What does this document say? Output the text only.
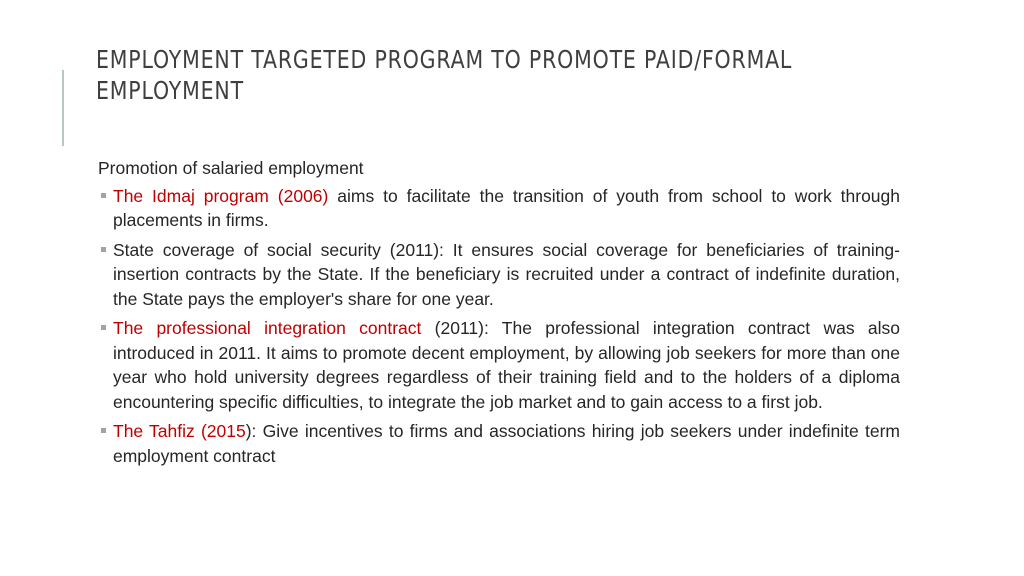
EMPLOYMENT TARGETED PROGRAM TO PROMOTE PAID/FORMAL
EMPLOYMENT
Promotion of salaried employment
The Idmaj program (2006) aims to facilitate the transition of youth from school to work through placements in firms.
State coverage of social security (2011): It ensures social coverage for beneficiaries of training-insertion contracts by the State. If the beneficiary is recruited under a contract of indefinite duration, the State pays the employer's share for one year.
The professional integration contract (2011): The professional integration contract was also introduced in 2011. It aims to promote decent employment, by allowing job seekers for more than one year who hold university degrees regardless of their training field and to the holders of a diploma encountering specific difficulties, to integrate the job market and to gain access to a first job.
The Tahfiz (2015): Give incentives to firms and associations hiring job seekers under indefinite term employment contract
